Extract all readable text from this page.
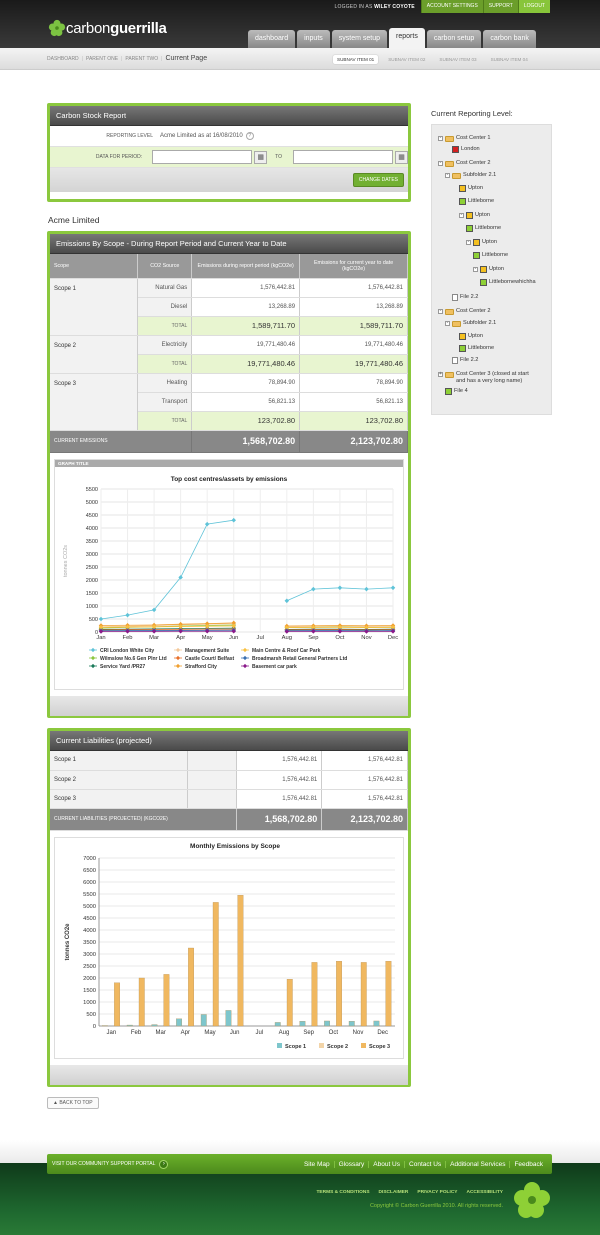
LOGGED IN AS WILEY COYOTE	ACCOUNT SETTINGS	SUPPORT	LOGOUT
carbonguerrilla
dashboard	inputs	system setup	reports	carbon setup	carbon bank
DASHBOARD | PARENT ONE | PARENT TWO | Current Page	SUBNAV ITEM 01	SUBNAV ITEM 02	SUBNAV ITEM 03	SUBNAV ITEM 04
Carbon Stock Report
REPORTING LEVEL	Acme Limited as at 16/08/2010	?
DATA FOR PERIOD:	▦	TO	▦
CHANGE DATES
Acme Limited
Emissions By Scope - During Report Period and Current Year to Date
Scope	CO2 Source	Emissions during report period (kgCO2e)	Emissions for current year to date (kgCO2e)
Scope 1	Natural Gas	1,576,442.81	1,576,442.81
	Diesel	13,268.89	13,268.89
	TOTAL	1,589,711.70	1,589,711.70
Scope 2	Electricity	19,771,480.46	19,771,480.46
	TOTAL	19,771,480.46	19,771,480.46
Scope 3	Heating	78,894.90	78,894.90
	Transport	56,821.13	56,821.13
	TOTAL	123,702.80	123,702.80
CURRENT EMISSIONS		1,568,702.80	2,123,702.80
GRAPH TITLE
Top cost centres/assets by emissions
0
500
1000
1500
2000
2500
3000
3500
4000
4500
5000
5500
Jan	Feb	Mar	Apr	May	Jun	Jul	Aug	Sep	Oct	Nov	Dec
tonnes CO2s
CRI London White City
Wilmslow No.6 Gen Plnr Ltd
Service Yard /PR27
Management Suite
Castle Court/ Belfast
Strafford City
Main Centre & Roof Car Park
Broadmarsh Retail General Partners Ltd
Basement car park
Current Liabilities (projected)
Scope 1		1,576,442.81	1,576,442.81
Scope 2		1,576,442.81	1,576,442.81
Scope 3		1,576,442.81	1,576,442.81
CURRENT LIABILITIES (PROJECTED) (KGCO2E)		1,568,702.80	2,123,702.80
Monthly Emissions by Scope
0
500
1000
1500
2000
2500
3000
3500
4000
4500
5000
5500
6000
6500
7000
tonnes CO2e
Jan Feb Mar Apr May Jun	Jul	Aug Sep Oct Nov Dec
Scope 1	Scope 2	Scope 3
▲ BACK TO TOP
Current Reporting Level:
-	Cost Center 1
London
-	Cost Center 2
-	Subfolder 2.1
Upton
Littleborne
- Upton
Littleborne
- Upton
Littleborne
- Upton
Littlebornewhichha
File 2.2
-	Cost Center 2
-	Subfolder 2.1
Upton
Littleborne
File 2.2
+	Cost Center 3 (closed at start
and has a very long name)
File 4
VISIT OUR COMMUNITY SUPPORT PORTAL	›	Site Map	Glossary	About Us	Contact Us	Additional Services	Feedback
TERMS & CONDITIONS DISCLAIMER PRIVACY POLICY ACCESSIBILITY
Copyright © Carbon Guerrilla 2010. All rights reserved.
